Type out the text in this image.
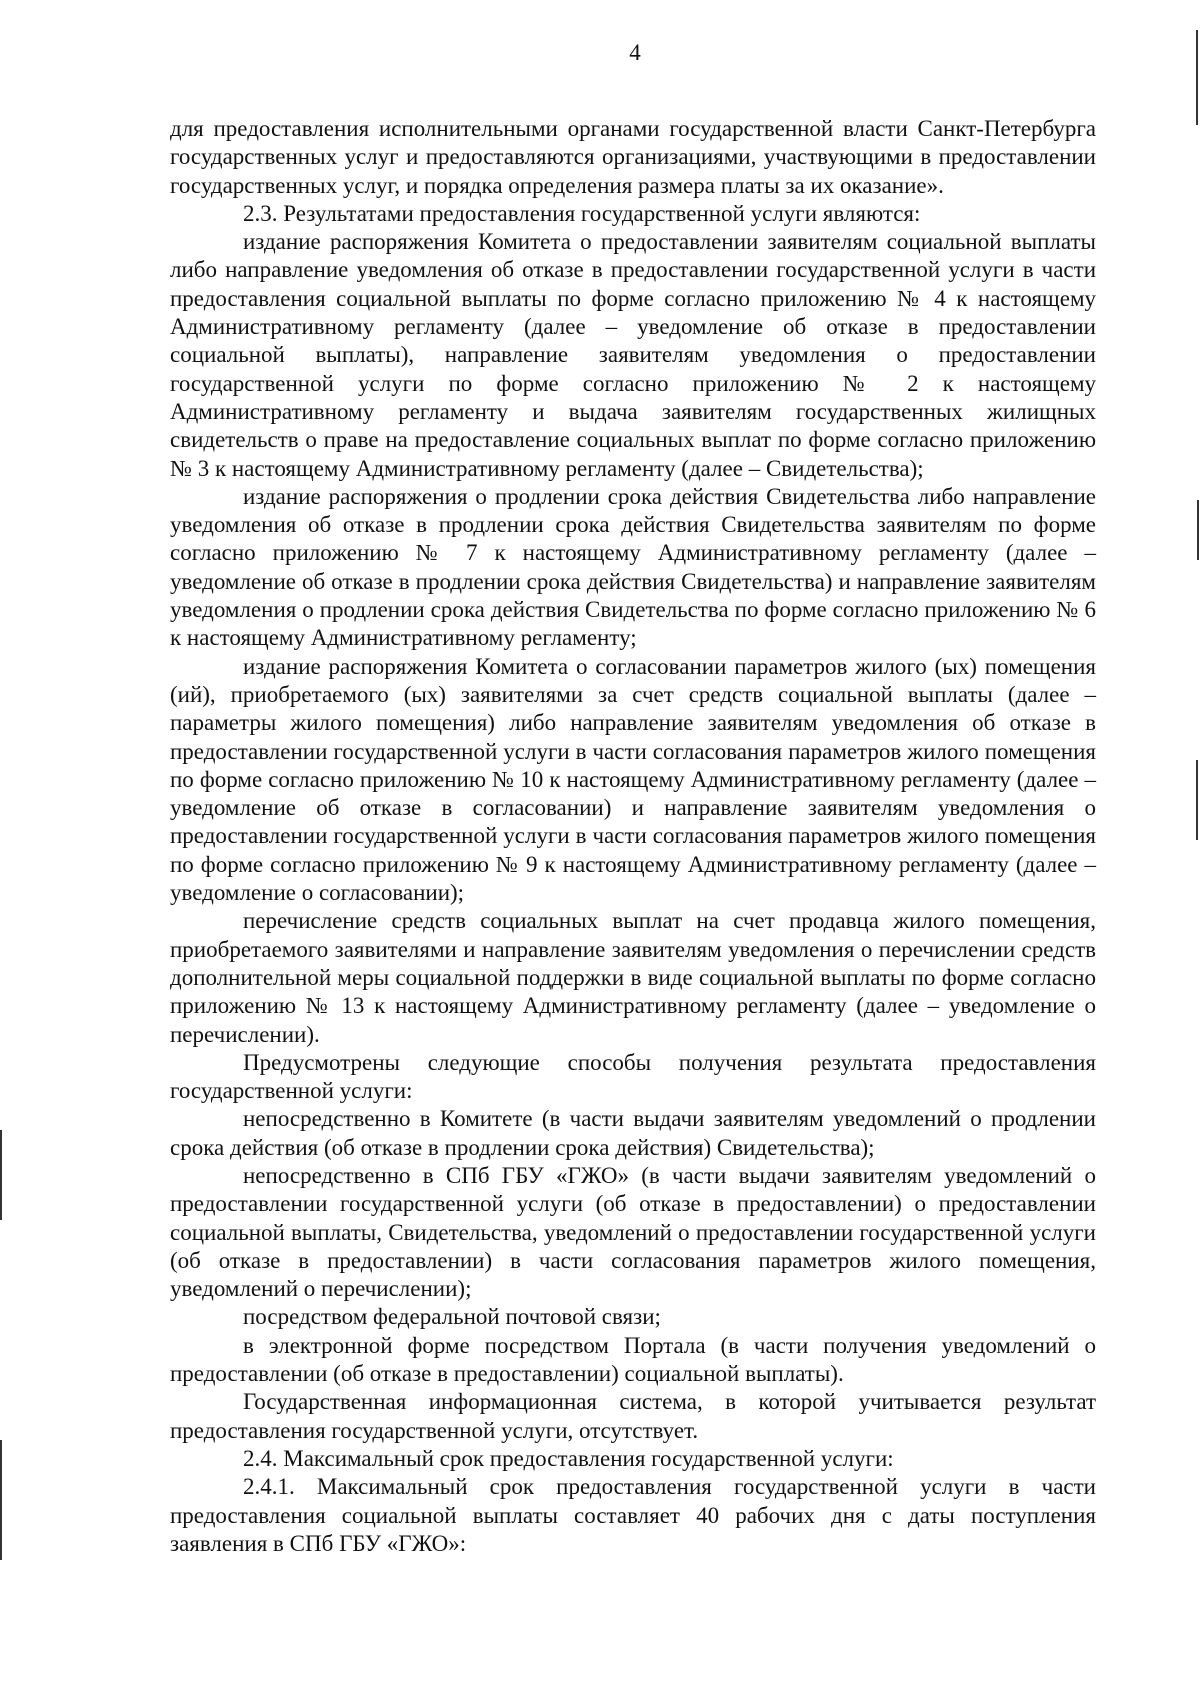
4

для предоставления исполнительными органами государственной власти Санкт-Петербурга государственных услуг и предоставляются организациями, участвующими в предоставлении государственных услуг, и порядка определения размера платы за их оказание».

2.3. Результатами предоставления государственной услуги являются:

издание распоряжения Комитета о предоставлении заявителям социальной выплаты либо направление уведомления об отказе в предоставлении государственной услуги в части предоставления социальной выплаты по форме согласно приложению № 4 к настоящему Административному регламенту (далее – уведомление об отказе в предоставлении социальной выплаты), направление заявителям уведомления о предоставлении государственной услуги по форме согласно приложению № 2 к настоящему Административному регламенту и выдача заявителям государственных жилищных свидетельств о праве на предоставление социальных выплат по форме согласно приложению № 3 к настоящему Административному регламенту (далее – Свидетельства);

издание распоряжения о продлении срока действия Свидетельства либо направление уведомления об отказе в продлении срока действия Свидетельства заявителям по форме согласно приложению № 7 к настоящему Административному регламенту (далее – уведомление об отказе в продлении срока действия Свидетельства) и направление заявителям уведомления о продлении срока действия Свидетельства по форме согласно приложению № 6 к настоящему Административному регламенту;

издание распоряжения Комитета о согласовании параметров жилого (ых) помещения (ий), приобретаемого (ых) заявителями за счет средств социальной выплаты (далее – параметры жилого помещения) либо направление заявителям уведомления об отказе в предоставлении государственной услуги в части согласования параметров жилого помещения по форме согласно приложению № 10 к настоящему Административному регламенту (далее – уведомление об отказе в согласовании) и направление заявителям уведомления о предоставлении государственной услуги в части согласования параметров жилого помещения по форме согласно приложению № 9 к настоящему Административному регламенту (далее – уведомление о согласовании);

перечисление средств социальных выплат на счет продавца жилого помещения, приобретаемого заявителями и направление заявителям уведомления о перечислении средств дополнительной меры социальной поддержки в виде социальной выплаты по форме согласно приложению № 13 к настоящему Административному регламенту (далее – уведомление о перечислении).

Предусмотрены следующие способы получения результата предоставления государственной услуги:

непосредственно в Комитете (в части выдачи заявителям уведомлений о продлении срока действия (об отказе в продлении срока действия) Свидетельства);

непосредственно в СПб ГБУ «ГЖО» (в части выдачи заявителям уведомлений о предоставлении государственной услуги (об отказе в предоставлении) о предоставлении социальной выплаты, Свидетельства, уведомлений о предоставлении государственной услуги (об отказе в предоставлении) в части согласования параметров жилого помещения, уведомлений о перечислении);

посредством федеральной почтовой связи;

в электронной форме посредством Портала (в части получения уведомлений о предоставлении (об отказе в предоставлении) социальной выплаты).

Государственная информационная система, в которой учитывается результат предоставления государственной услуги, отсутствует.

2.4. Максимальный срок предоставления государственной услуги:

2.4.1. Максимальный срок предоставления государственной услуги в части предоставления социальной выплаты составляет 40 рабочих дня с даты поступления заявления в СПб ГБУ «ГЖО»:
